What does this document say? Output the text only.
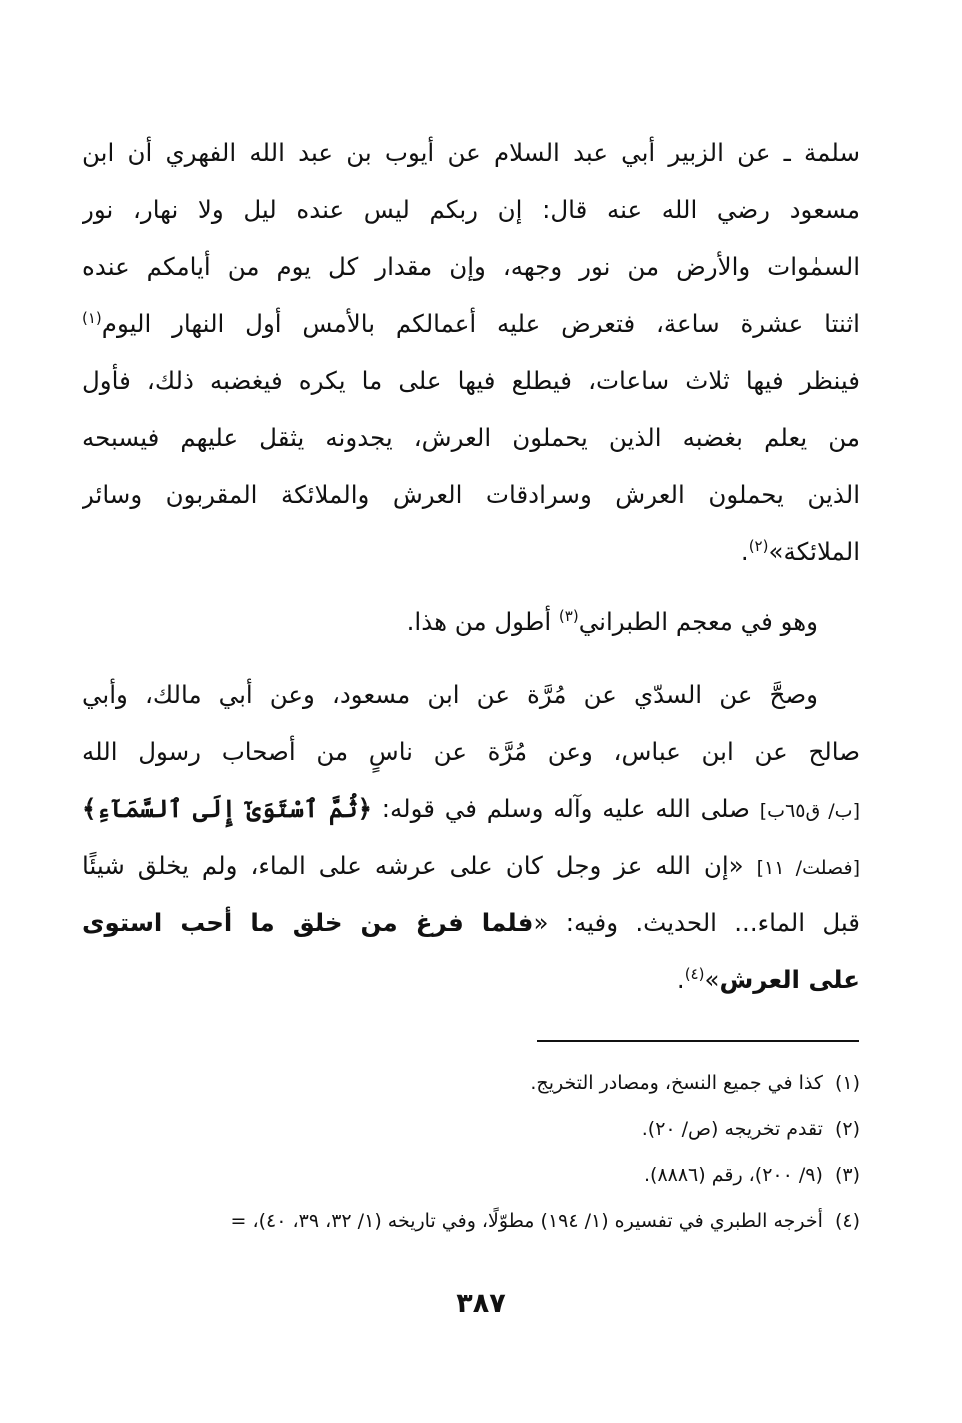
سلمة ـ عن الزبير أبي عبد السلام عن أيوب بن عبد الله الفهري أن ابن
مسعود رضي الله عنه قال: إن ربكم ليس عنده ليل ولا نهار، نور
السمٰوات والأرض من نور وجهه، وإن مقدار كل يوم من أيامكم عنده
اثنتا عشرة ساعة، فتعرض عليه أعمالكم بالأمس أول النهار اليوم$^{(١)}$
فينظر فيها ثلاث ساعات، فيطلع فيها على ما يكره فيغضبه ذلك، فأول
من يعلم بغضبه الذين يحملون العرش، يجدونه يثقل عليهم فيسبحه
الذين يحملون العرش وسرادقات العرش والملائكة المقربون وسائر
الملائكة»$^{(٢)}$.
وهو في معجم الطبراني$^{(٣)}$ أطول من هذا.
وصحَّ عن السدّي عن مُرَّة عن ابن مسعود، وعن أبي مالك، وأبي
صالح عن ابن عباس، وعن مُرَّة عن ناسٍ من أصحاب رسول الله
[ب/ ق٦٥ب] صلى الله عليه وآله وسلم في قوله: ﴿ثُمَّ ٱسْتَوَىٰٓ إِلَى ٱلسَّمَآءِ﴾
[فصلت/ ١١] «إن الله عز وجل كان على عرشه على الماء، ولم يخلق شيئًا
قبل الماء... الحديث. وفيه: «فلما فرغ من خلق ما أحب استوى
على العرش»$^{(٤)}$.
(١)كذا في جميع النسخ، ومصادر التخريج.
(٢)تقدم تخريجه (ص/ ٢٠).
(٣)(٩/ ٢٠٠)، رقم (٨٨٨٦).
(٤)أخرجه الطبري في تفسيره (١/ ١٩٤) مطوّلًا، وفي تاريخه (١/ ٣٢، ٣٩، ٤٠)، =
٣٨٧
